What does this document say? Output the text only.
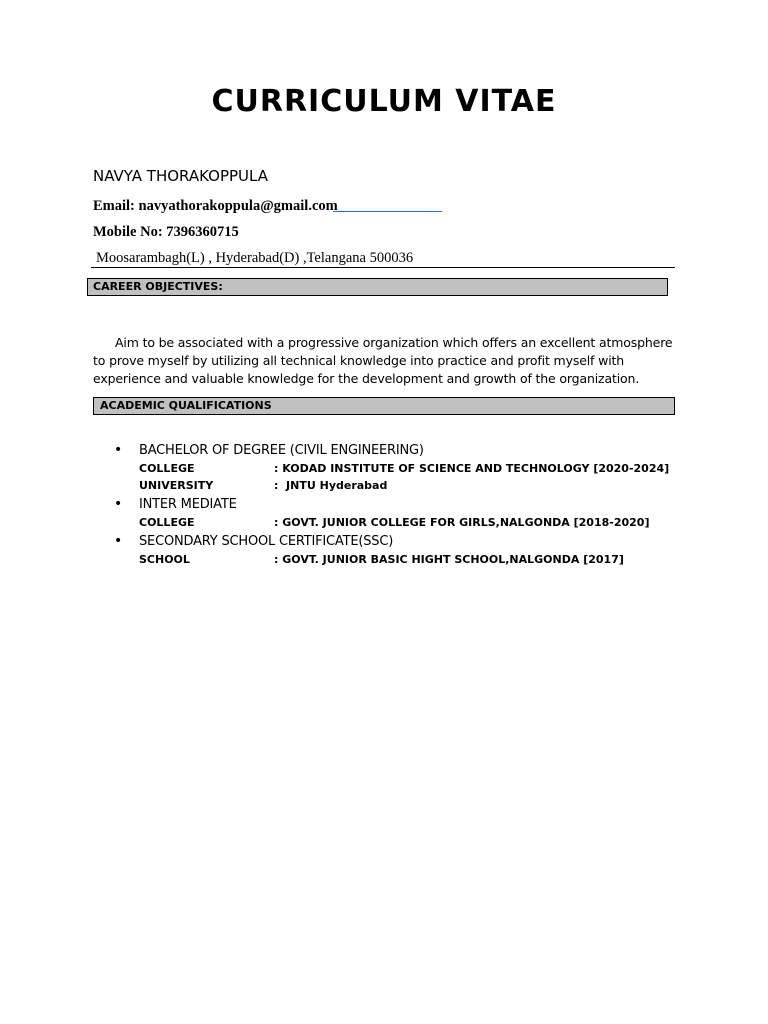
CURRICULUM VITAE
NAVYA THORAKOPPULA
Email: navyathorakoppula@gmail.com
Mobile No: 7396360715
Moosarambagh(L) , Hyderabad(D) ,Telangana 500036
CAREER OBJECTIVES:
Aim to be associated with a progressive organization which offers an excellent atmosphere to prove myself by utilizing all technical knowledge into practice and profit myself with experience and valuable knowledge for the development and growth of the organization.
ACADEMIC QUALIFICATIONS
• BACHELOR OF DEGREE (CIVIL ENGINEERING)
COLLEGE	: KODAD INSTITUTE OF SCIENCE AND TECHNOLOGY [2020-2024]
UNIVERSITY	:  JNTU Hyderabad
• INTER MEDIATE
COLLEGE	: GOVT. JUNIOR COLLEGE FOR GIRLS,NALGONDA [2018-2020]
• SECONDARY SCHOOL CERTIFICATE(SSC)
SCHOOL	: GOVT. JUNIOR BASIC HIGHT SCHOOL,NALGONDA [2017]
